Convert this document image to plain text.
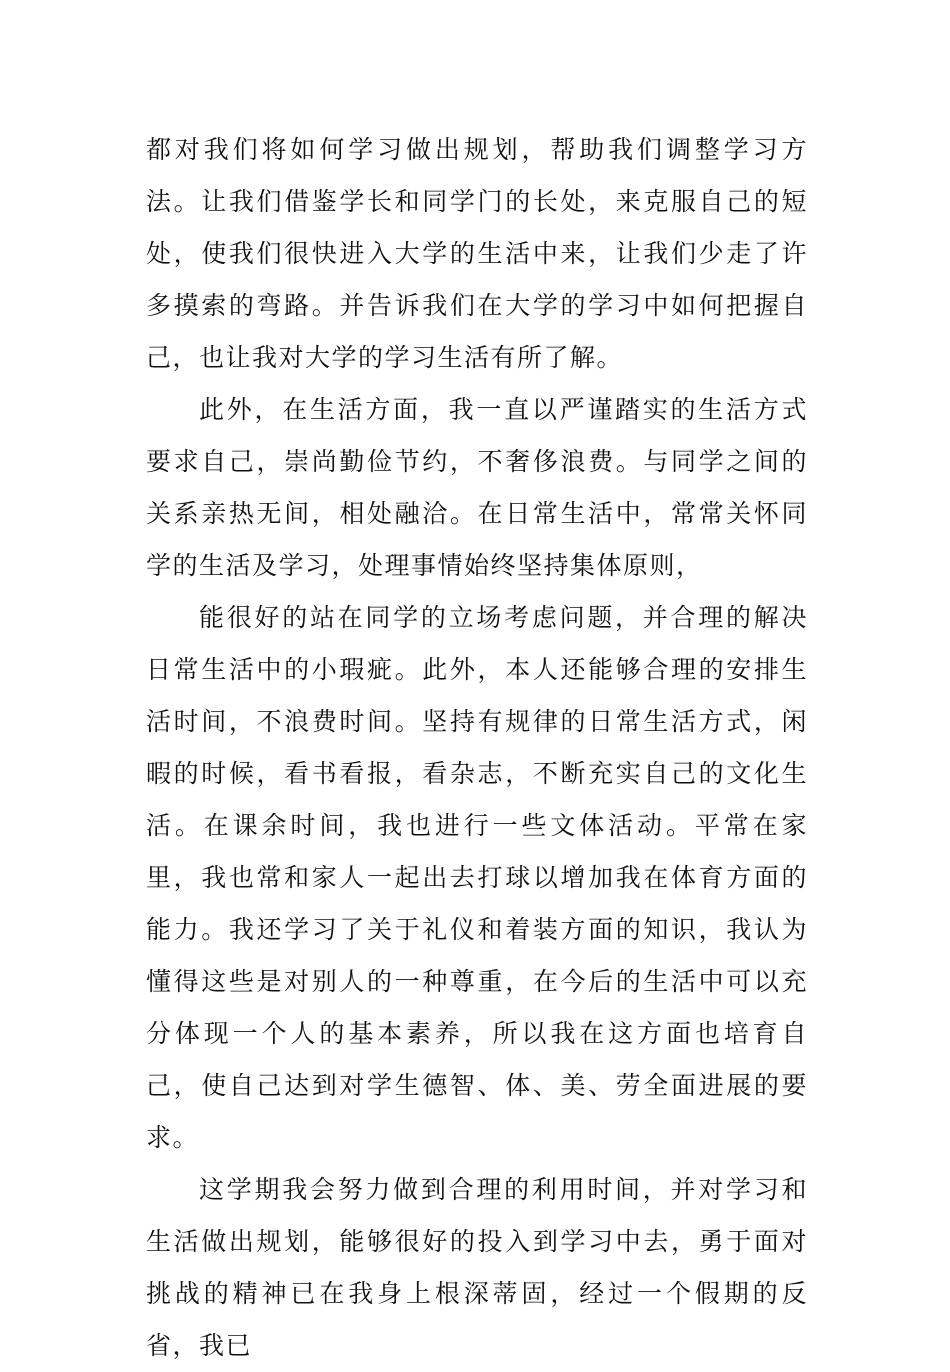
都对我们将如何学习做出规划，帮助我们调整学习方法。让我们借鉴学长和同学门的长处，来克服自己的短处，使我们很快进入大学的生活中来，让我们少走了许多摸索的弯路。并告诉我们在大学的学习中如何把握自己，也让我对大学的学习生活有所了解。

此外，在生活方面，我一直以严谨踏实的生活方式要求自己，崇尚勤俭节约，不奢侈浪费。与同学之间的关系亲热无间，相处融洽。在日常生活中，常常关怀同学的生活及学习，处理事情始终坚持集体原则，

能很好的站在同学的立场考虑问题，并合理的解决日常生活中的小瑕疵。此外，本人还能够合理的安排生活时间，不浪费时间。坚持有规律的日常生活方式，闲暇的时候，看书看报，看杂志，不断充实自己的文化生活。在课余时间，我也进行一些文体活动。平常在家里，我也常和家人一起出去打球以增加我在体育方面的能力。我还学习了关于礼仪和着装方面的知识，我认为懂得这些是对别人的一种尊重，在今后的生活中可以充分体现一个人的基本素养，所以我在这方面也培育自己，使自己达到对学生德智、体、美、劳全面进展的要求。

这学期我会努力做到合理的利用时间，并对学习和生活做出规划，能够很好的投入到学习中去，勇于面对挑战的精神已在我身上根深蒂固，经过一个假期的反省，我已
